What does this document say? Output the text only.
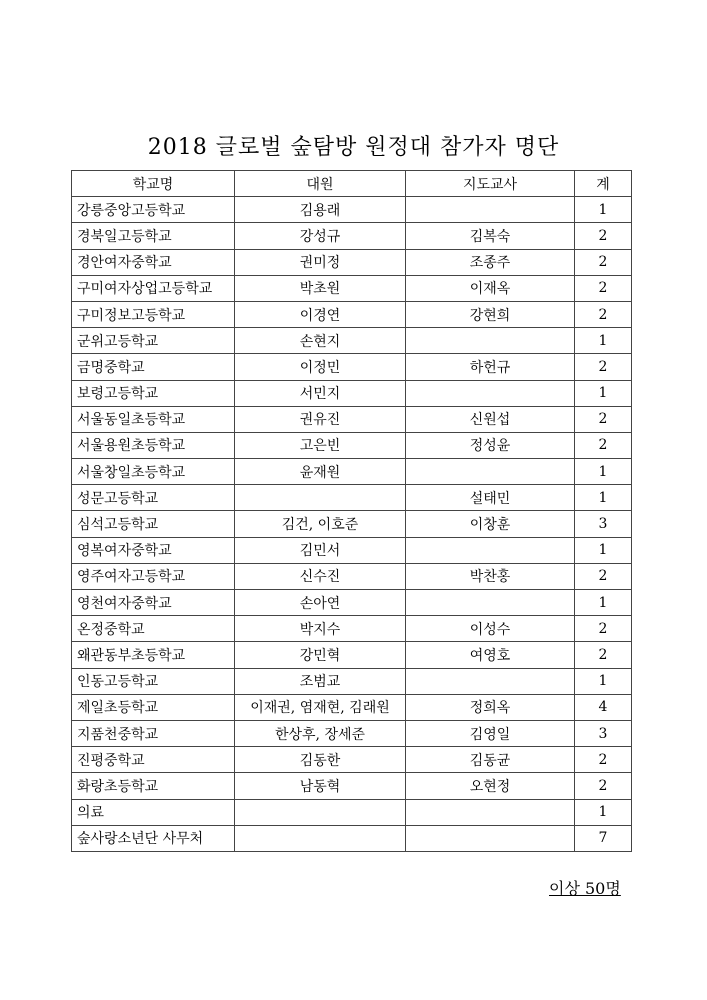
2018 글로벌 숲탐방 원정대 참가자 명단
학교명	대원	지도교사	계
강릉중앙고등학교	김용래		1
경북일고등학교	강성규	김복숙	2
경안여자중학교	권미정	조종주	2
구미여자상업고등학교	박초원	이재옥	2
구미정보고등학교	이경연	강현희	2
군위고등학교	손현지		1
금명중학교	이정민	하헌규	2
보령고등학교	서민지		1
서울동일초등학교	권유진	신원섭	2
서울용원초등학교	고은빈	정성윤	2
서울창일초등학교	윤재원		1
성문고등학교		설태민	1
심석고등학교	김건, 이호준	이창훈	3
영복여자중학교	김민서		1
영주여자고등학교	신수진	박찬홍	2
영천여자중학교	손아연		1
온정중학교	박지수	이성수	2
왜관동부초등학교	강민혁	여영호	2
인동고등학교	조범교		1
제일초등학교	이재권, 염재현, 김래원	정희옥	4
지품천중학교	한상후, 장세준	김영일	3
진평중학교	김동한	김동균	2
화랑초등학교	남동혁	오현정	2
의료			1
숲사랑소년단 사무처			7
이상 50명
